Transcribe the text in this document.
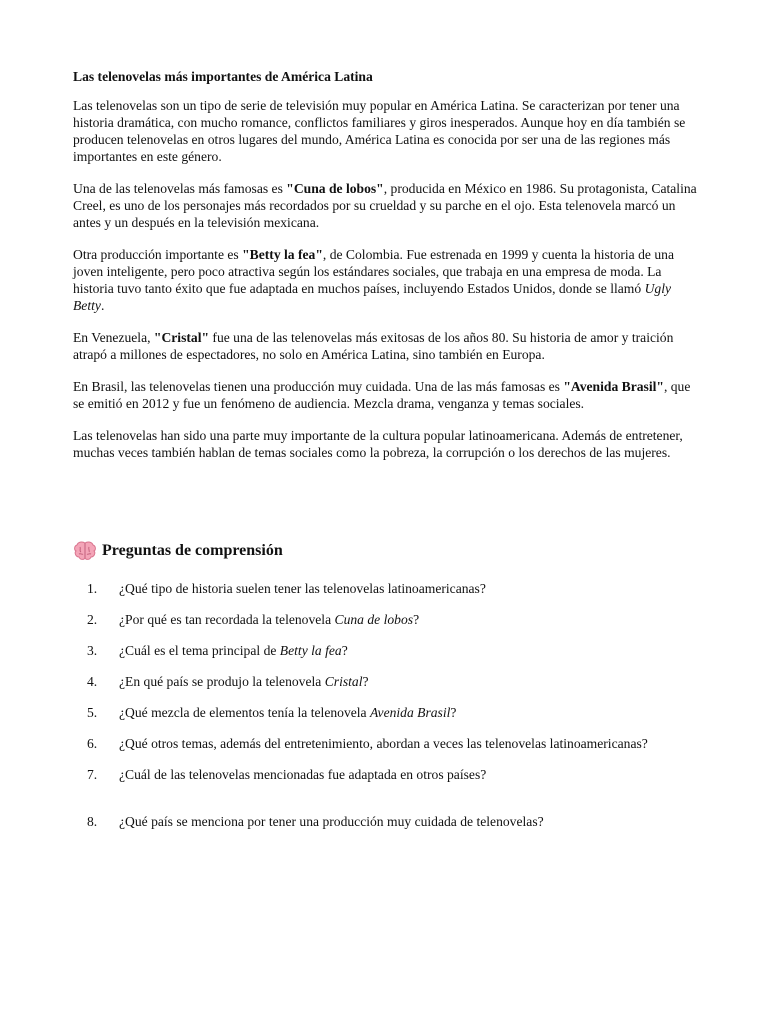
Las telenovelas más importantes de América Latina

Las telenovelas son un tipo de serie de televisión muy popular en América Latina. Se caracterizan por tener una historia dramática, con mucho romance, conflictos familiares y giros inesperados. Aunque hoy en día también se producen telenovelas en otros lugares del mundo, América Latina es conocida por ser una de las regiones más importantes en este género.

Una de las telenovelas más famosas es "Cuna de lobos", producida en México en 1986. Su protagonista, Catalina Creel, es uno de los personajes más recordados por su crueldad y su parche en el ojo. Esta telenovela marcó un antes y un después en la televisión mexicana.

Otra producción importante es "Betty la fea", de Colombia. Fue estrenada en 1999 y cuenta la historia de una joven inteligente, pero poco atractiva según los estándares sociales, que trabaja en una empresa de moda. La historia tuvo tanto éxito que fue adaptada en muchos países, incluyendo Estados Unidos, donde se llamó Ugly Betty.

En Venezuela, "Cristal" fue una de las telenovelas más exitosas de los años 80. Su historia de amor y traición atrapó a millones de espectadores, no solo en América Latina, sino también en Europa.

En Brasil, las telenovelas tienen una producción muy cuidada. Una de las más famosas es "Avenida Brasil", que se emitió en 2012 y fue un fenómeno de audiencia. Mezcla drama, venganza y temas sociales.

Las telenovelas han sido una parte muy importante de la cultura popular latinoamericana. Además de entretener, muchas veces también hablan de temas sociales como la pobreza, la corrupción o los derechos de las mujeres.

Preguntas de comprensión
1. ¿Qué tipo de historia suelen tener las telenovelas latinoamericanas?
2. ¿Por qué es tan recordada la telenovela Cuna de lobos?
3. ¿Cuál es el tema principal de Betty la fea?
4. ¿En qué país se produjo la telenovela Cristal?
5. ¿Qué mezcla de elementos tenía la telenovela Avenida Brasil?
6. ¿Qué otros temas, además del entretenimiento, abordan a veces las telenovelas latinoamericanas?
7. ¿Cuál de las telenovelas mencionadas fue adaptada en otros países?
8. ¿Qué país se menciona por tener una producción muy cuidada de telenovelas?
